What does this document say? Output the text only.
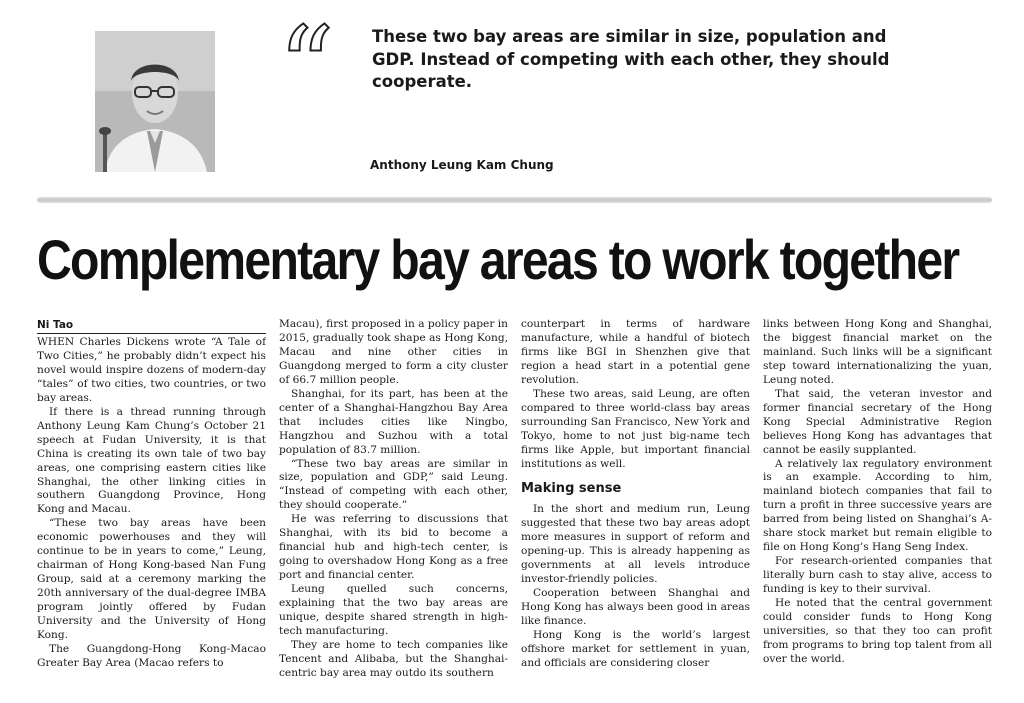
“ These two bay areas are similar in size, population and GDP. Instead of competing with each other, they should cooperate.
Anthony Leung Kam Chung
Complementary bay areas to work together
Ni Tao

WHEN Charles Dickens wrote “A Tale of Two Cities,” he probably didn’t expect his novel would inspire dozens of modern-day “tales” of two cities, two countries, or two bay areas.

If there is a thread running through Anthony Leung Kam Chung’s October 21 speech at Fudan University, it is that China is creating its own tale of two bay areas, one comprising eastern cities like Shanghai, the other linking cities in southern Guangdong Province, Hong Kong and Macau.

“These two bay areas have been economic powerhouses and they will continue to be in years to come,” Leung, chairman of Hong Kong-based Nan Fung Group, said at a ceremony marking the 20th anniversary of the dual-degree IMBA program jointly offered by Fudan University and the University of Hong Kong.

The Guangdong-Hong Kong-Macao Greater Bay Area (Macao refers to

Macau), first proposed in a policy paper in 2015, gradually took shape as Hong Kong, Macau and nine other cities in Guangdong merged to form a city cluster of 66.7 million people.

Shanghai, for its part, has been at the center of a Shanghai-Hangzhou Bay Area that includes cities like Ningbo, Hangzhou and Suzhou with a total population of 83.7 million.

“These two bay areas are similar in size, population and GDP,” said Leung. “Instead of competing with each other, they should cooperate.”

He was referring to discussions that Shanghai, with its bid to become a financial hub and high-tech center, is going to overshadow Hong Kong as a free port and financial center.

Leung quelled such concerns, explaining that the two bay areas are unique, despite shared strength in high-tech manufacturing.

They are home to tech companies like Tencent and Alibaba, but the Shanghai-centric bay area may outdo its southern

counterpart in terms of hardware manufacture, while a handful of biotech firms like BGI in Shenzhen give that region a head start in a potential gene revolution.

These two areas, said Leung, are often compared to three world-class bay areas surrounding San Francisco, New York and Tokyo, home to not just big-name tech firms like Apple, but important financial institutions as well.

Making sense

In the short and medium run, Leung suggested that these two bay areas adopt more measures in support of reform and opening-up. This is already happening as governments at all levels introduce investor-friendly policies.

Cooperation between Shanghai and Hong Kong has always been good in areas like finance.

Hong Kong is the world’s largest offshore market for settlement in yuan, and officials are considering closer

links between Hong Kong and Shanghai, the biggest financial market on the mainland. Such links will be a significant step toward internationalizing the yuan, Leung noted.

That said, the veteran investor and former financial secretary of the Hong Kong Special Administrative Region believes Hong Kong has advantages that cannot be easily supplanted.

A relatively lax regulatory environment is an example. According to him, mainland biotech companies that fail to turn a profit in three successive years are barred from being listed on Shanghai’s A-share stock market but remain eligible to file on Hong Kong’s Hang Seng Index.

For research-oriented companies that literally burn cash to stay alive, access to funding is key to their survival.

He noted that the central government could consider funds to Hong Kong universities, so that they too can profit from programs to bring top talent from all over the world.
